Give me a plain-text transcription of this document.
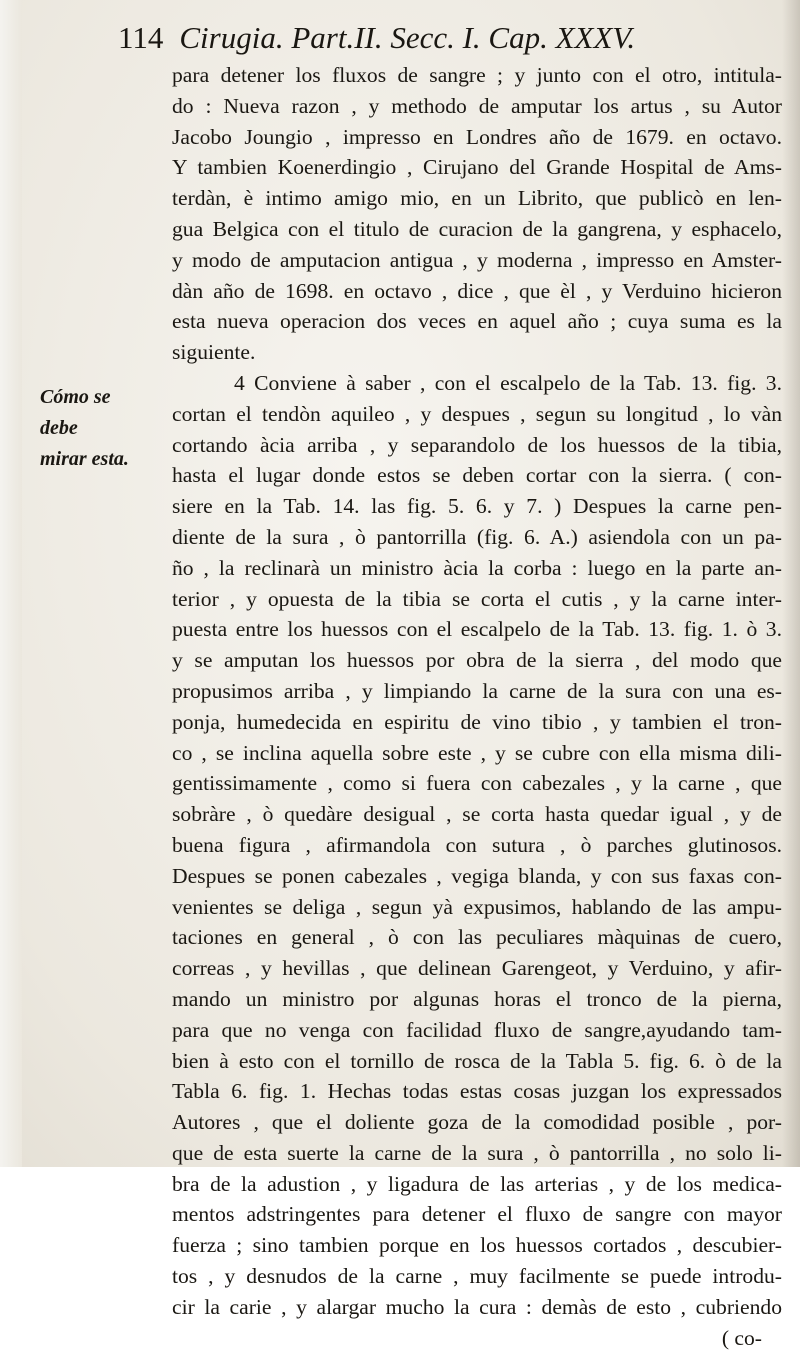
114 Cirugia. Part.II. Secc. I. Cap. XXXV.
Cómo se debe
mirar esta.
para detener los fluxos de sangre ; y junto con el otro, intitula-
do : Nueva razon , y methodo de amputar los artus , su Autor
Jacobo Joungio , impresso en Londres año de 1679. en octavo.
Y tambien Koenerdingio , Cirujano del Grande Hospital de Ams-
terdàn, è intimo amigo mio, en un Librito, que publicò en len-
gua Belgica con el titulo de curacion de la gangrena, y esphacelo,
y modo de amputacion antigua , y moderna , impresso en Amster-
dàn año de 1698. en octavo , dice , que èl , y Verduino hicieron
esta nueva operacion dos veces en aquel año ; cuya suma es la
siguiente.
4 Conviene à saber , con el escalpelo de la Tab. 13. fig. 3.
cortan el tendòn aquileo , y despues , segun su longitud , lo vàn
cortando àcia arriba , y separandolo de los huessos de la tibia,
hasta el lugar donde estos se deben cortar con la sierra. ( con-
siere en la Tab. 14. las fig. 5. 6. y 7. ) Despues la carne pen-
diente de la sura , ò pantorrilla (fig. 6. A.) asiendola con un pa-
ño , la reclinarà un ministro àcia la corba : luego en la parte an-
terior , y opuesta de la tibia se corta el cutis , y la carne inter-
puesta entre los huessos con el escalpelo de la Tab. 13. fig. 1. ò 3.
y se amputan los huessos por obra de la sierra , del modo que
propusimos arriba , y limpiando la carne de la sura con una es-
ponja, humedecida en espiritu de vino tibio , y tambien el tron-
co , se inclina aquella sobre este , y se cubre con ella misma dili-
gentissimamente , como si fuera con cabezales , y la carne , que
sobràre , ò quedàre desigual , se corta hasta quedar igual , y de
buena figura , afirmandola con sutura , ò parches glutinosos.
Despues se ponen cabezales , vegiga blanda, y con sus faxas con-
venientes se deliga , segun yà expusimos, hablando de las ampu-
taciones en general , ò con las peculiares màquinas de cuero,
correas , y hevillas , que delinean Garengeot, y Verduino, y afir-
mando un ministro por algunas horas el tronco de la pierna,
para que no venga con facilidad fluxo de sangre,ayudando tam-
bien à esto con el tornillo de rosca de la Tabla 5. fig. 6. ò de la
Tabla 6. fig. 1. Hechas todas estas cosas juzgan los expressados
Autores , que el doliente goza de la comodidad posible , por-
que de esta suerte la carne de la sura , ò pantorrilla , no solo li-
bra de la adustion , y ligadura de las arterias , y de los medica-
mentos adstringentes para detener el fluxo de sangre con mayor
fuerza ; sino tambien porque en los huessos cortados , descubier-
tos , y desnudos de la carne , muy facilmente se puede introdu-
cir la carie , y alargar mucho la cura : demàs de esto , cubriendo
( co-
